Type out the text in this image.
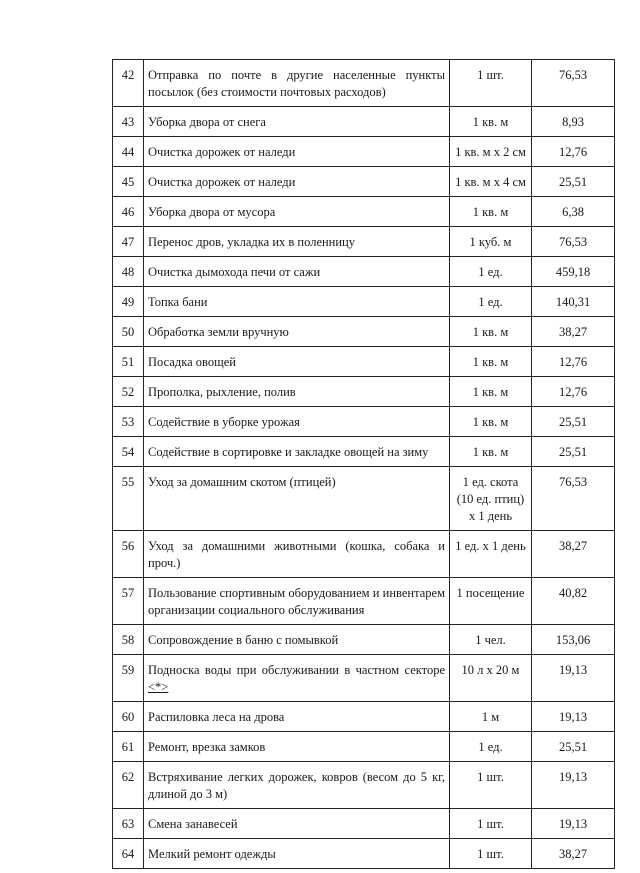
42	Отправка по почте в другие населенные пункты посылок (без стоимости почтовых расходов)	1 шт.	76,53
43	Уборка двора от снега	1 кв. м	8,93
44	Очистка дорожек от наледи	1 кв. м х 2 см	12,76
45	Очистка дорожек от наледи	1 кв. м х 4 см	25,51
46	Уборка двора от мусора	1 кв. м	6,38
47	Перенос дров, укладка их в поленницу	1 куб. м	76,53
48	Очистка дымохода печи от сажи	1 ед.	459,18
49	Топка бани	1 ед.	140,31
50	Обработка земли вручную	1 кв. м	38,27
51	Посадка овощей	1 кв. м	12,76
52	Прополка, рыхление, полив	1 кв. м	12,76
53	Содействие в уборке урожая	1 кв. м	25,51
54	Содействие в сортировке и закладке овощей на зиму	1 кв. м	25,51
55	Уход за домашним скотом (птицей)	1 ед. скота (10 ед. птиц) х 1 день	76,53
56	Уход за домашними животными (кошка, собака и проч.)	1 ед. х 1 день	38,27
57	Пользование спортивным оборудованием и инвентарем организации социального обслуживания	1 посещение	40,82
58	Сопровождение в баню с помывкой	1 чел.	153,06
59	Подноска воды при обслуживании в частном секторе <*>	10 л х 20 м	19,13
60	Распиловка леса на дрова	1 м	19,13
61	Ремонт, врезка замков	1 ед.	25,51
62	Встряхивание легких дорожек, ковров (весом до 5 кг, длиной до 3 м)	1 шт.	19,13
63	Смена занавесей	1 шт.	19,13
64	Мелкий ремонт одежды	1 шт.	38,27
